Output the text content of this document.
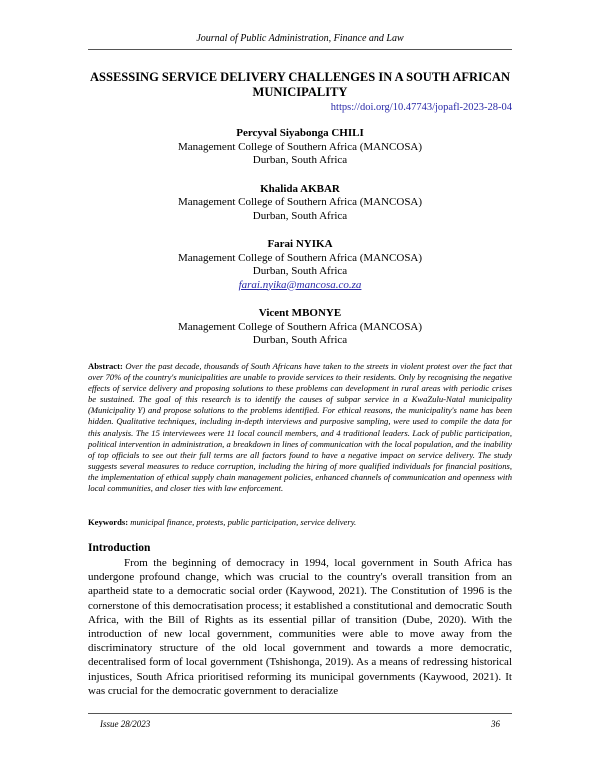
Journal of Public Administration, Finance and Law
ASSESSING SERVICE DELIVERY CHALLENGES IN A SOUTH AFRICAN MUNICIPALITY
https://doi.org/10.47743/jopafl-2023-28-04
Percyval Siyabonga CHILI
Management College of Southern Africa (MANCOSA)
Durban, South Africa
Khalida AKBAR
Management College of Southern Africa (MANCOSA)
Durban, South Africa
Farai NYIKA
Management College of Southern Africa (MANCOSA)
Durban, South Africa
farai.nyika@mancosa.co.za
Vicent MBONYE
Management College of Southern Africa (MANCOSA)
Durban, South Africa
Abstract: Over the past decade, thousands of South Africans have taken to the streets in violent protest over the fact that over 70% of the country's municipalities are unable to provide services to their residents. Only by recognising the negative effects of service delivery and proposing solutions to these problems can development in rural areas with periodic crises be sustained. The goal of this research is to identify the causes of subpar service in a KwaZulu-Natal municipality (Municipality Y) and propose solutions to the problems identified. For ethical reasons, the municipality's name has been hidden. Qualitative techniques, including in-depth interviews and purposive sampling, were used to compile the data for this analysis. The 15 interviewees were 11 local council members, and 4 traditional leaders. Lack of public participation, political intervention in administration, a breakdown in lines of communication with the local population, and the inability of top officials to see out their full terms are all factors found to have a negative impact on service delivery. The study suggests several measures to reduce corruption, including the hiring of more qualified individuals for financial positions, the implementation of ethical supply chain management policies, enhanced channels of communication and openness with local communities, and closer ties with law enforcement.
Keywords: municipal finance, protests, public participation, service delivery.
Introduction
From the beginning of democracy in 1994, local government in South Africa has undergone profound change, which was crucial to the country's overall transition from an apartheid state to a democratic social order (Kaywood, 2021). The Constitution of 1996 is the cornerstone of this democratisation process; it established a constitutional and democratic South Africa, with the Bill of Rights as its essential pillar of transition (Dube, 2020). With the introduction of new local government, communities were able to move away from the discriminatory structure of the old local government and towards a more democratic, decentralised form of local government (Tshishonga, 2019). As a means of redressing historical injustices, South Africa prioritised reforming its municipal governments (Kaywood, 2021). It was crucial for the democratic government to deracialize
Issue 28/2023	36
